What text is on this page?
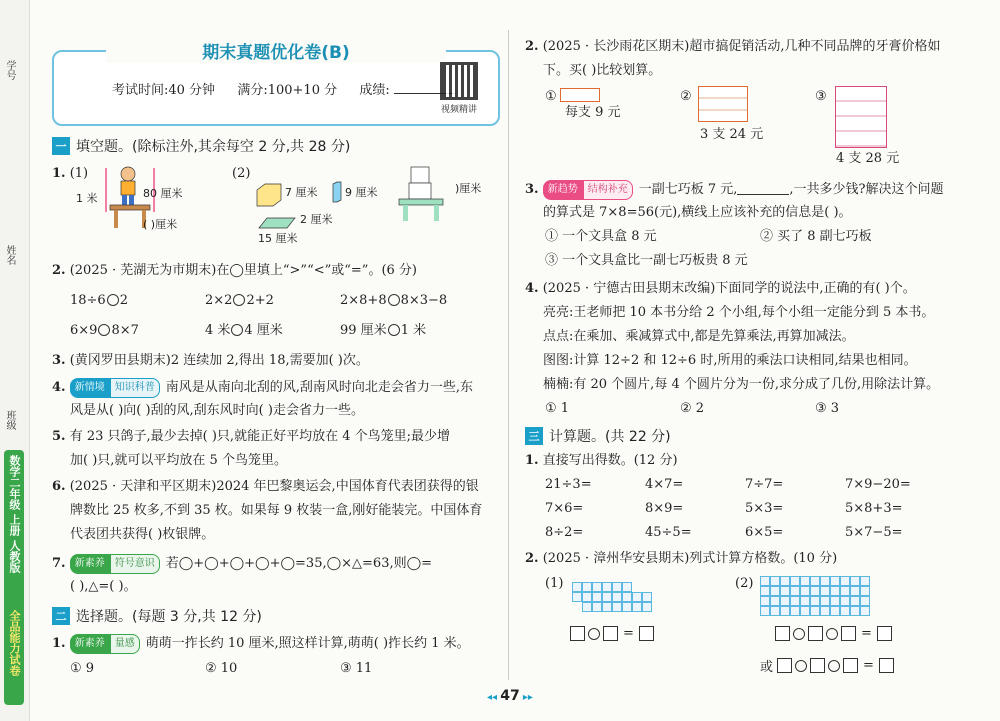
数学二年级 上册 人教版
全品能力试卷
学号
姓名
班级
期末真题优化卷(B)
考试时间:40 分钟 满分:100+10 分 成绩:
视频精讲
一 填空题。(除标注外,其余每空 2 分,共 28 分)
1. (1)
1 米	80 厘米
( )厘米
(2)
7 厘米	9 厘米
2 厘米
15 厘米
)厘米
2. (2025 · 芜湖无为市期末)在◯里填上“>”“<”或“=”。(6 分)
18÷6 2	2×2 2+2	2×8+8 8×3−8
6×9 8×7	4 米 4 厘米	99 厘米 1 米
3. (黄冈罗田县期末)2 连续加 2,得出 18,需要加( )次。
4. 新情境 知识科普 南风是从南向北刮的风,刮南风时向北走会省力一些,东
风是从( )向( )刮的风,刮东风时向( )走会省力一些。
5. 有 23 只鸽子,最少去掉( )只,就能正好平均放在 4 个鸟笼里;最少增
加( )只,就可以平均放在 5 个鸟笼里。
6. (2025 · 天津和平区期末)2024 年巴黎奥运会,中国体育代表团获得的银
牌数比 25 枚多,不到 35 枚。如果每 9 枚装一盒,刚好能装完。中国体育
代表团共获得( )枚银牌。
7. 新素养 符号意识 若◯+◯+◯+◯+◯=35,◯×△=63,则◯=
( ),△=( )。
二 选择题。(每题 3 分,共 12 分)
1. 新素养 量感 萌萌一拃长约 10 厘米,照这样计算,萌萌( )拃长约 1 米。
① 9	② 10	③ 11
2. (2025 · 长沙雨花区期末)超市搞促销活动,几种不同品牌的牙膏价格如
下。买( )比较划算。
①
每支 9 元
②
3 支 24 元
③
4 支 28 元
3. 新趋势 结构补充 一副七巧板 7 元,	,一共多少钱?解决这个问题
的算式是 7×8=56(元),横线上应该补充的信息是( )。
① 一个文具盒 8 元	② 买了 8 副七巧板
③ 一个文具盒比一副七巧板贵 8 元
4. (2025 · 宁德古田县期末改编)下面同学的说法中,正确的有( )个。
亮亮:王老师把 10 本书分给 2 个小组,每个小组一定能分到 5 本书。
点点:在乘加、乘减算式中,都是先算乘法,再算加减法。
图图:计算 12÷2 和 12÷6 时,所用的乘法口诀相同,结果也相同。
楠楠:有 20 个圆片,每 4 个圆片分为一份,求分成了几份,用除法计算。
① 1	② 2	③ 3
三 计算题。(共 22 分)
1. 直接写出得数。(12 分)
21÷3=	4×7=	7÷7=	7×9−20=
7×6=	8×9=	5×3=	5×8+3=
8÷2=	45÷5=	6×5=	5×7−5=
2. (2025 · 漳州华安县期末)列式计算方格数。(10 分)
(1)	(2)
=	=
或	=
◂◂ 47 ▸▸
